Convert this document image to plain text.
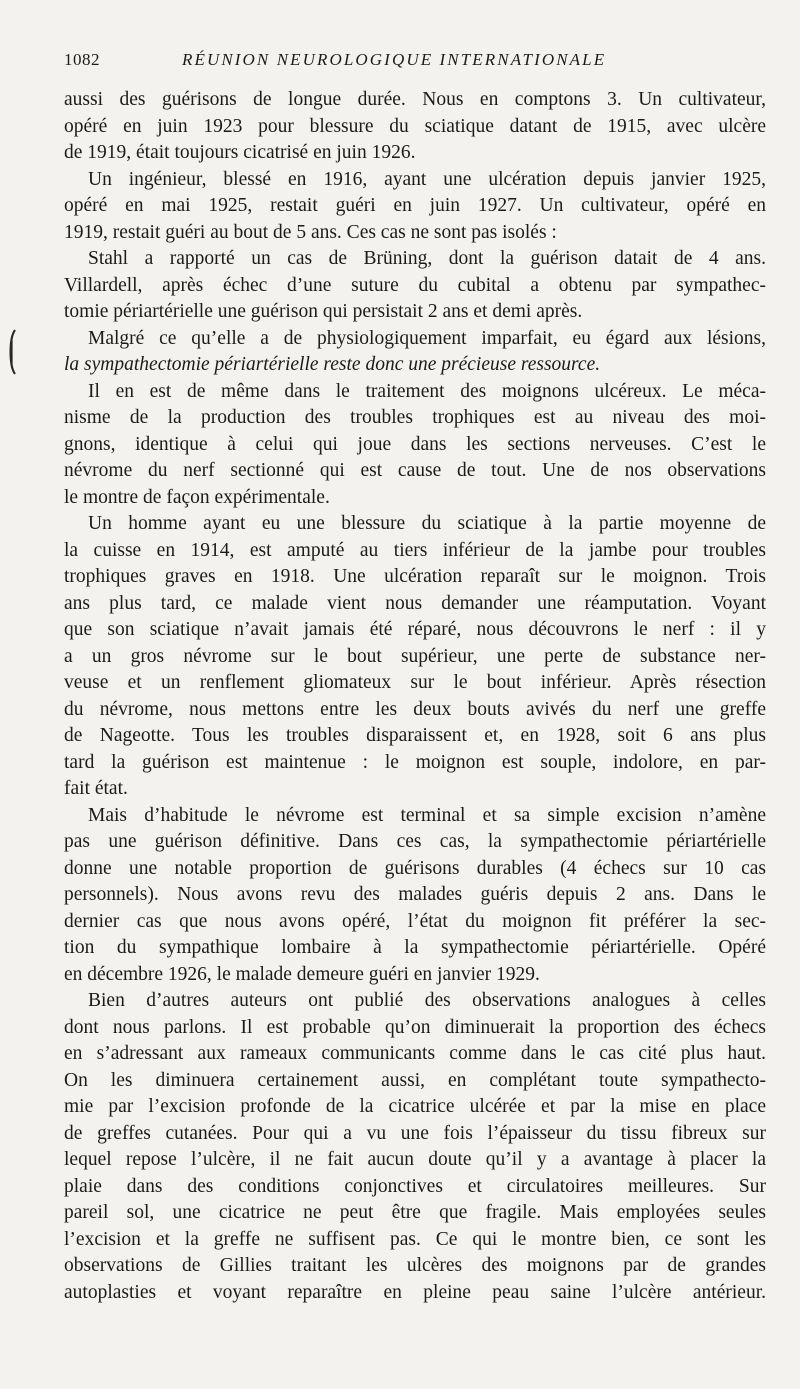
1082	RÉUNION NEUROLOGIQUE INTERNATIONALE
aussi des guérisons de longue durée. Nous en comptons 3. Un cultivateur,
opéré en juin 1923 pour blessure du sciatique datant de 1915, avec ulcère
de 1919, était toujours cicatrisé en juin 1926.
Un ingénieur, blessé en 1916, ayant une ulcération depuis janvier 1925,
opéré en mai 1925, restait guéri en juin 1927. Un cultivateur, opéré en
1919, restait guéri au bout de 5 ans. Ces cas ne sont pas isolés :
Stahl a rapporté un cas de Brüning, dont la guérison datait de 4 ans.
Villardell, après échec d’une suture du cubital a obtenu par sympathec-
tomie périartérielle une guérison qui persistait 2 ans et demi après.
Malgré ce qu’elle a de physiologiquement imparfait, eu égard aux lésions,
la sympathectomie périartérielle reste donc une précieuse ressource.
Il en est de même dans le traitement des moignons ulcéreux. Le méca-
nisme de la production des troubles trophiques est au niveau des moi-
gnons, identique à celui qui joue dans les sections nerveuses. C’est le
névrome du nerf sectionné qui est cause de tout. Une de nos observations
le montre de façon expérimentale.
Un homme ayant eu une blessure du sciatique à la partie moyenne de
la cuisse en 1914, est amputé au tiers inférieur de la jambe pour troubles
trophiques graves en 1918. Une ulcération reparaît sur le moignon. Trois
ans plus tard, ce malade vient nous demander une réamputation. Voyant
que son sciatique n’avait jamais été réparé, nous découvrons le nerf : il y
a un gros névrome sur le bout supérieur, une perte de substance ner-
veuse et un renflement gliomateux sur le bout inférieur. Après résection
du névrome, nous mettons entre les deux bouts avivés du nerf une greffe
de Nageotte. Tous les troubles disparaissent et, en 1928, soit 6 ans plus
tard la guérison est maintenue : le moignon est souple, indolore, en par-
fait état.
Mais d’habitude le névrome est terminal et sa simple excision n’amène
pas une guérison définitive. Dans ces cas, la sympathectomie périartérielle
donne une notable proportion de guérisons durables (4 échecs sur 10 cas
personnels). Nous avons revu des malades guéris depuis 2 ans. Dans le
dernier cas que nous avons opéré, l’état du moignon fit préférer la sec-
tion du sympathique lombaire à la sympathectomie périartérielle. Opéré
en décembre 1926, le malade demeure guéri en janvier 1929.
Bien d’autres auteurs ont publié des observations analogues à celles
dont nous parlons. Il est probable qu’on diminuerait la proportion des échecs
en s’adressant aux rameaux communicants comme dans le cas cité plus haut.
On les diminuera certainement aussi, en complétant toute sympathecto-
mie par l’excision profonde de la cicatrice ulcérée et par la mise en place
de greffes cutanées. Pour qui a vu une fois l’épaisseur du tissu fibreux sur
lequel repose l’ulcère, il ne fait aucun doute qu’il y a avantage à placer la
plaie dans des conditions conjonctives et circulatoires meilleures. Sur
pareil sol, une cicatrice ne peut être que fragile. Mais employées seules
l’excision et la greffe ne suffisent pas. Ce qui le montre bien, ce sont les
observations de Gillies traitant les ulcères des moignons par de grandes
autoplasties et voyant reparaître en pleine peau saine l’ulcère antérieur.
